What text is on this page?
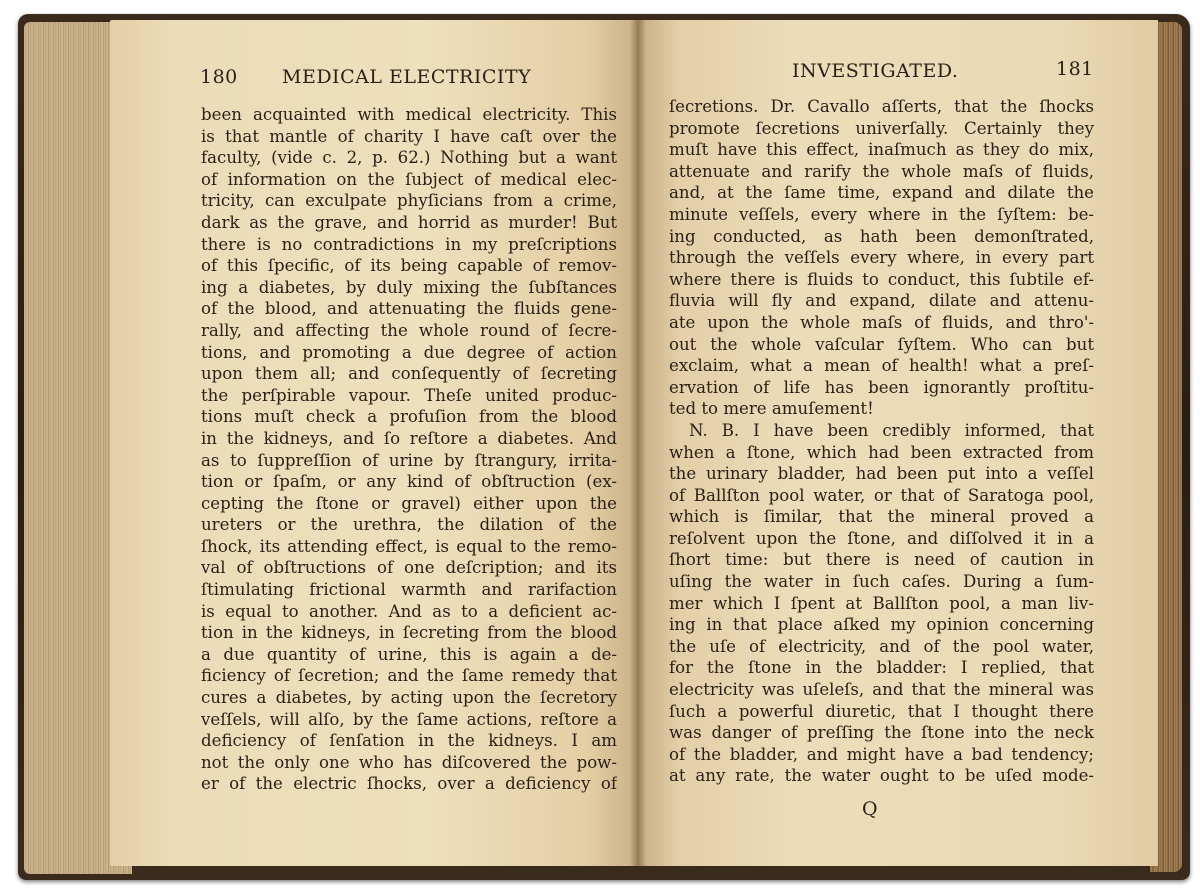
180 MEDICAL ELECTRICITY	INVESTIGATED.	181
been acquainted with medical electricity. This
is that mantle of charity I have caſt over the
faculty, (vide c. 2, p. 62.) Nothing but a want
of information on the ſubject of medical elec-
tricity, can exculpate phyſicians from a crime,
dark as the grave, and horrid as murder! But
there is no contradictions in my preſcriptions
of this ſpecific, of its being capable of remov-
ing a diabetes, by duly mixing the ſubſtances
of the blood, and attenuating the fluids gene-
rally, and affecting the whole round of ſecre-
tions, and promoting a due degree of action
upon them all; and conſequently of ſecreting
the perſpirable vapour. Theſe united produc-
tions muſt check a profuſion from the blood
in the kidneys, and ſo reſtore a diabetes. And
as to ſuppreſſion of urine by ſtrangury, irrita-
tion or ſpaſm, or any kind of obſtruction (ex-
cepting the ſtone or gravel) either upon the
ureters or the urethra, the dilation of the
ſhock, its attending effect, is equal to the remo-
val of obſtructions of one deſcription; and its
ſtimulating frictional warmth and rarifaction
is equal to another. And as to a deficient ac-
tion in the kidneys, in ſecreting from the blood
a due quantity of urine, this is again a de-
ficiency of ſecretion; and the ſame remedy that
cures a diabetes, by acting upon the ſecretory
veſſels, will alſo, by the ſame actions, reſtore a
deficiency of ſenſation in the kidneys. I am
not the only one who has diſcovered the pow-
er of the electric ſhocks, over a deficiency of
ſecretions. Dr. Cavallo aſſerts, that the ſhocks
promote ſecretions univerſally. Certainly they
muſt have this effect, inaſmuch as they do mix,
attenuate and rarify the whole maſs of fluids,
and, at the ſame time, expand and dilate the
minute veſſels, every where in the ſyſtem: be-
ing conducted, as hath been demonſtrated,
through the veſſels every where, in every part
where there is fluids to conduct, this ſubtile ef-
fluvia will fly and expand, dilate and attenu-
ate upon the whole maſs of fluids, and thro'-
out the whole vaſcular ſyſtem. Who can but
exclaim, what a mean of health! what a preſ-
ervation of life has been ignorantly proſtitu-
ted to mere amuſement!
N. B. I have been credibly informed, that
when a ſtone, which had been extracted from
the urinary bladder, had been put into a veſſel
of Ballſton pool water, or that of Saratoga pool,
which is ſimilar, that the mineral proved a
reſolvent upon the ſtone, and diſſolved it in a
ſhort time: but there is need of caution in
uſing the water in ſuch caſes. During a ſum-
mer which I ſpent at Ballſton pool, a man liv-
ing in that place aſked my opinion concerning
the uſe of electricity, and of the pool water,
for the ſtone in the bladder: I replied, that
electricity was uſeleſs, and that the mineral was
ſuch a powerful diuretic, that I thought there
was danger of preſſing the ſtone into the neck
of the bladder, and might have a bad tendency;
at any rate, the water ought to be uſed mode-
Q
